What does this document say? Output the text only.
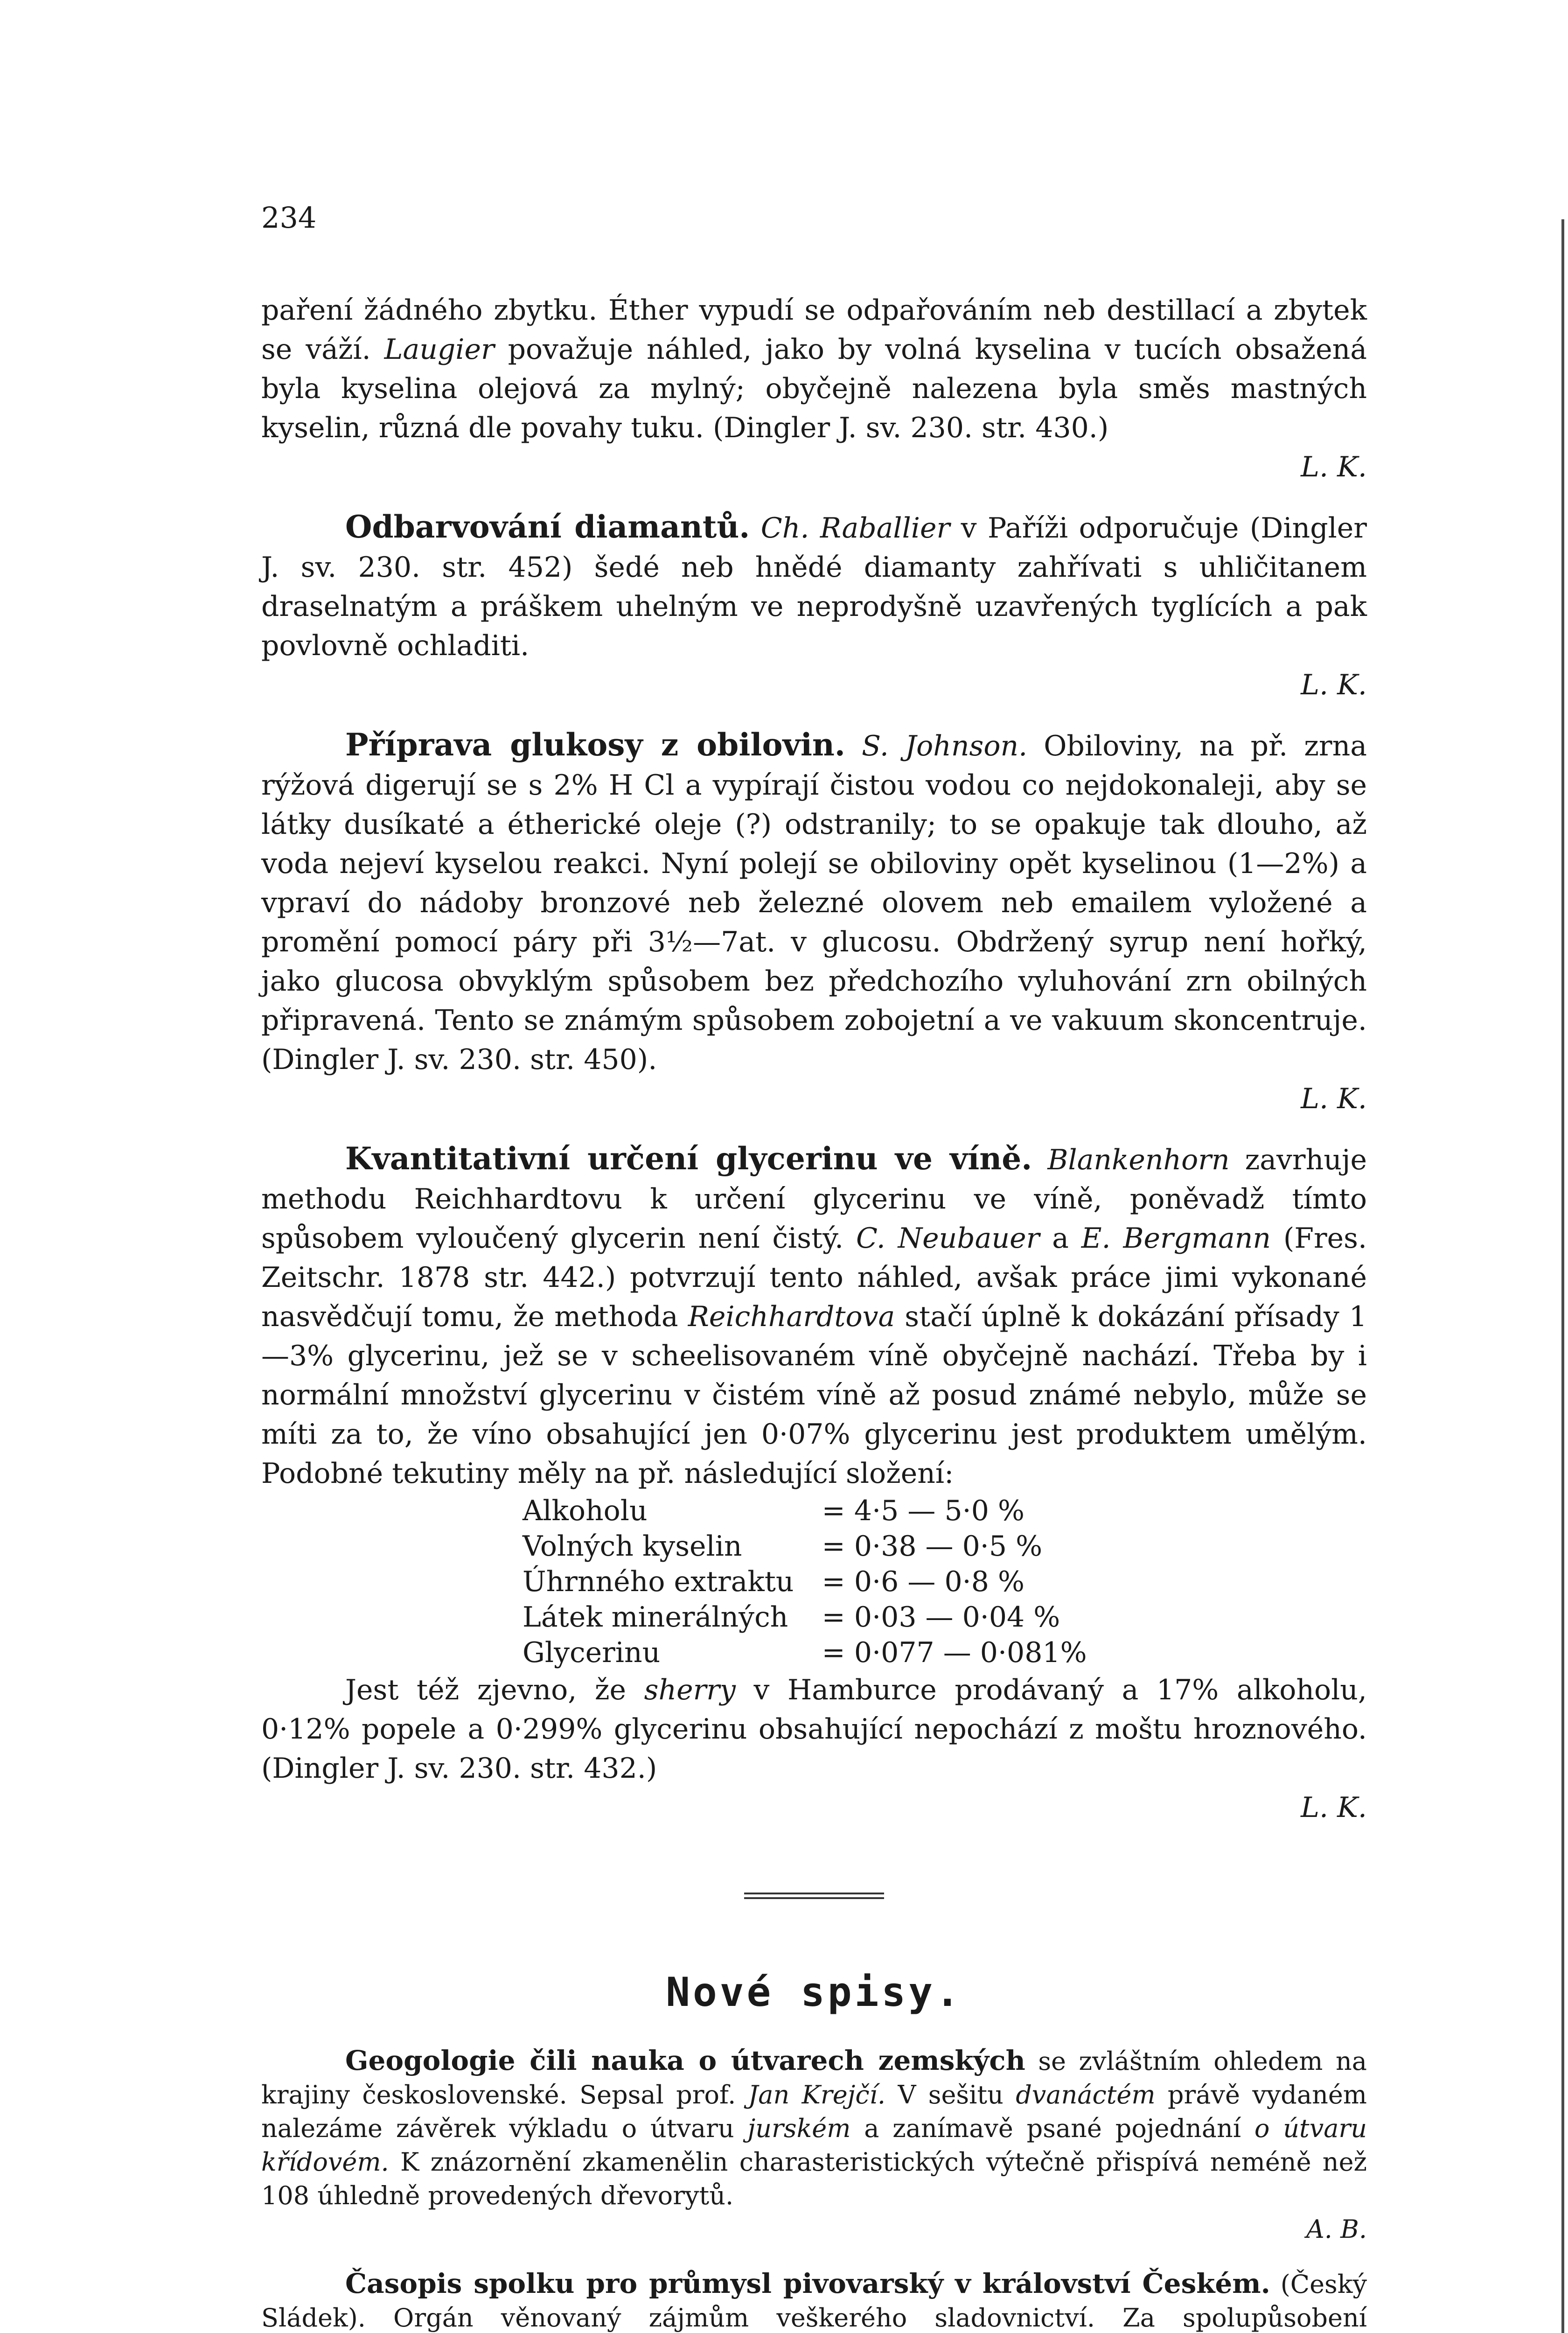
234

paření žádného zbytku. Éther vypudí se odpařováním neb destillací a zbytek se váží. Laugier považuje náhled, jako by volná kyselina v tucích obsažená byla kyselina olejová za mylný; obyčejně nalezena byla směs mastných kyselin, různá dle povahy tuku. (Dingler J. sv. 230. str. 430.)
L. K.

Odbarvování diamantů. Ch. Raballier v Paříži odporučuje (Dingler J. sv. 230. str. 452) šedé neb hnědé diamanty zahřívati s uhličitanem draselnatým a práškem uhelným ve neprodyšně uzavřených tyglících a pak povlovně ochladiti.
L. K.

Příprava glukosy z obilovin. S. Johnson. Obiloviny, na př. zrna rýžová digerují se s 2% H Cl a vypírají čistou vodou co nejdokonaleji, aby se látky dusíkaté a étherické oleje (?) odstranily; to se opakuje tak dlouho, až voda nejeví kyselou reakci. Nyní polejí se obiloviny opět kyselinou (1—2%) a vpraví do nádoby bronzové neb železné olovem neb emailem vyložené a promění pomocí páry při 3½—7at. v glucosu. Obdržený syrup není hořký, jako glucosa obvyklým spůsobem bez předchozího vyluhování zrn obilných připravená. Tento se známým spůsobem zobojetní a ve vakuum skoncentruje. (Dingler J. sv. 230. str. 450).
L. K.

Kvantitativní určení glycerinu ve víně. Blankenhorn zavrhuje methodu Reichhardtovu k určení glycerinu ve víně, poněvadž tímto spůsobem vyloučený glycerin není čistý. C. Neubauer a E. Bergmann (Fres. Zeitschr. 1878 str. 442.) potvrzují tento náhled, avšak práce jimi vykonané nasvědčují tomu, že methoda Reichhardtova stačí úplně k dokázání přísady 1—3% glycerinu, jež se v scheelisovaném víně obyčejně nachází. Třeba by i normální množství glycerinu v čistém víně až posud známé nebylo, může se míti za to, že víno obsahující jen 0·07% glycerinu jest produktem umělým. Podobné tekutiny měly na př. následující složení:

Alkoholu	= 4·5 — 5·0 %
Volných kyselin	= 0·38 — 0·5 %
Úhrnného extraktu	= 0·6 — 0·8 %
Látek minerálných	= 0·03 — 0·04 %
Glycerinu	= 0·077 — 0·081%

Jest též zjevno, že sherry v Hamburce prodávaný a 17% alkoholu, 0·12% popele a 0·299% glycerinu obsahující nepochází z moštu hroznového. (Dingler J. sv. 230. str. 432.)
L. K.

Nové spisy.

Geogologie čili nauka o útvarech zemských se zvláštním ohledem na krajiny československé. Sepsal prof. Jan Krejčí. V sešitu dvanáctém právě vydaném nalezáme závěrek výkladu o útvaru jurském a zanímavě psané pojednání o útvaru křídovém. K znázornění zkamenělin charasteristických výtečně přispívá neméně než 108 úhledně provedených dřevorytů.
A. B.

Časopis spolku pro průmysl pivovarský v království Českém. (Český Sládek). Orgán věnovaný zájmům veškerého sladovnictví. Za spolupůsobení
